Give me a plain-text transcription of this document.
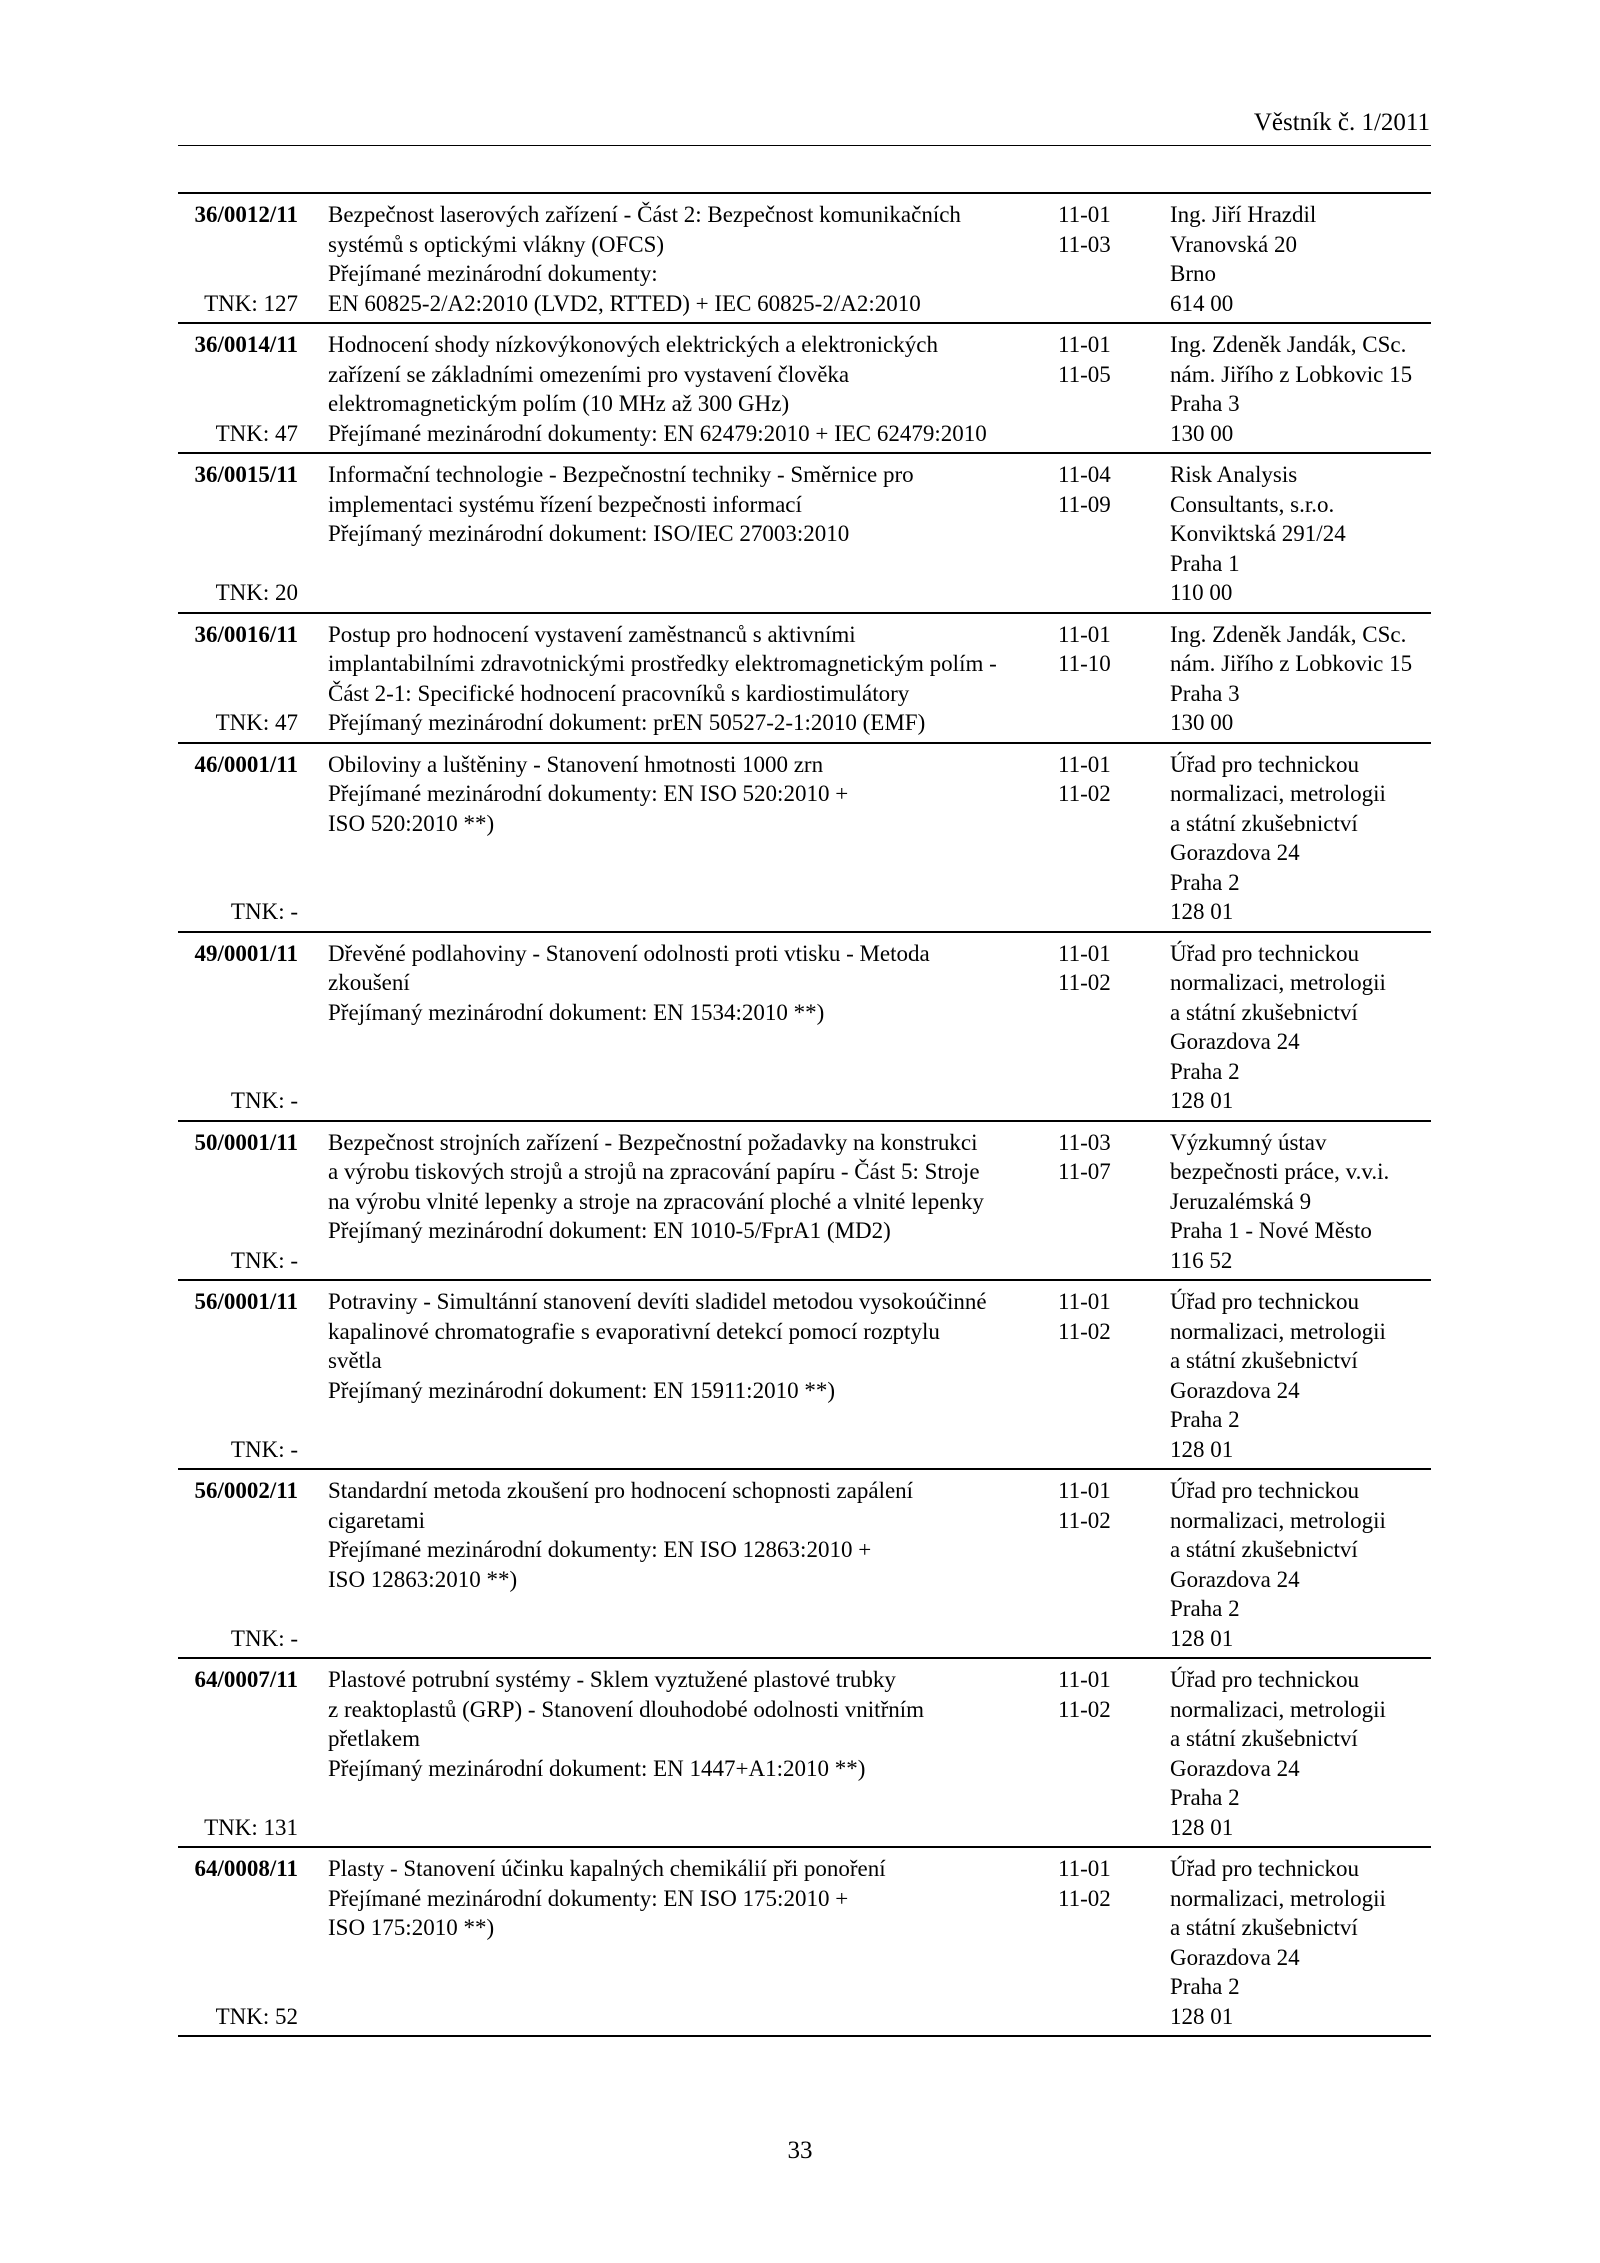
Věstník č. 1/2011
36/0012/11
TNK: 127
Bezpečnost laserových zařízení - Část 2: Bezpečnost komunikačních
systémů s optickými vlákny (OFCS)
Přejímané mezinárodní dokumenty:
EN 60825-2/A2:2010 (LVD2, RTTED) + IEC 60825-2/A2:2010
11-01
11-03
Ing. Jiří Hrazdil
Vranovská 20
Brno
614 00
36/0014/11
TNK: 47
Hodnocení shody nízkovýkonových elektrických a elektronických
zařízení se základními omezeními pro vystavení člověka
elektromagnetickým polím (10 MHz až 300 GHz)
Přejímané mezinárodní dokumenty: EN 62479:2010 + IEC 62479:2010
11-01
11-05
Ing. Zdeněk Jandák, CSc.
nám. Jiřího z Lobkovic 15
Praha 3
130 00
36/0015/11
TNK: 20
Informační technologie - Bezpečnostní techniky - Směrnice pro
implementaci systému řízení bezpečnosti informací
Přejímaný mezinárodní dokument: ISO/IEC 27003:2010
11-04
11-09
Risk Analysis
Consultants, s.r.o.
Konviktská 291/24
Praha 1
110 00
36/0016/11
TNK: 47
Postup pro hodnocení vystavení zaměstnanců s aktivními
implantabilními zdravotnickými prostředky elektromagnetickým polím -
Část 2-1: Specifické hodnocení pracovníků s kardiostimulátory
Přejímaný mezinárodní dokument: prEN 50527-2-1:2010 (EMF)
11-01
11-10
Ing. Zdeněk Jandák, CSc.
nám. Jiřího z Lobkovic 15
Praha 3
130 00
46/0001/11
TNK: -
Obiloviny a luštěniny - Stanovení hmotnosti 1000 zrn
Přejímané mezinárodní dokumenty: EN ISO 520:2010 +
ISO 520:2010 **)
11-01
11-02
Úřad pro technickou
normalizaci, metrologii
a státní zkušebnictví
Gorazdova 24
Praha 2
128 01
49/0001/11
TNK: -
Dřevěné podlahoviny - Stanovení odolnosti proti vtisku - Metoda
zkoušení
Přejímaný mezinárodní dokument: EN 1534:2010 **)
11-01
11-02
Úřad pro technickou
normalizaci, metrologii
a státní zkušebnictví
Gorazdova 24
Praha 2
128 01
50/0001/11
TNK: -
Bezpečnost strojních zařízení - Bezpečnostní požadavky na konstrukci
a výrobu tiskových strojů a strojů na zpracování papíru - Část 5: Stroje
na výrobu vlnité lepenky a stroje na zpracování ploché a vlnité lepenky
Přejímaný mezinárodní dokument: EN 1010-5/FprA1 (MD2)
11-03
11-07
Výzkumný ústav
bezpečnosti práce, v.v.i.
Jeruzalémská 9
Praha 1 - Nové Město
116 52
56/0001/11
TNK: -
Potraviny - Simultánní stanovení devíti sladidel metodou vysokoúčinné
kapalinové chromatografie s evaporativní detekcí pomocí rozptylu
světla
Přejímaný mezinárodní dokument: EN 15911:2010 **)
11-01
11-02
Úřad pro technickou
normalizaci, metrologii
a státní zkušebnictví
Gorazdova 24
Praha 2
128 01
56/0002/11
TNK: -
Standardní metoda zkoušení pro hodnocení schopnosti zapálení
cigaretami
Přejímané mezinárodní dokumenty: EN ISO 12863:2010 +
ISO 12863:2010 **)
11-01
11-02
Úřad pro technickou
normalizaci, metrologii
a státní zkušebnictví
Gorazdova 24
Praha 2
128 01
64/0007/11
TNK: 131
Plastové potrubní systémy - Sklem vyztužené plastové trubky
z reaktoplastů (GRP) - Stanovení dlouhodobé odolnosti vnitřním
přetlakem
Přejímaný mezinárodní dokument: EN 1447+A1:2010 **)
11-01
11-02
Úřad pro technickou
normalizaci, metrologii
a státní zkušebnictví
Gorazdova 24
Praha 2
128 01
64/0008/11
TNK: 52
Plasty - Stanovení účinku kapalných chemikálií při ponoření
Přejímané mezinárodní dokumenty: EN ISO 175:2010 +
ISO 175:2010 **)
11-01
11-02
Úřad pro technickou
normalizaci, metrologii
a státní zkušebnictví
Gorazdova 24
Praha 2
128 01
33
